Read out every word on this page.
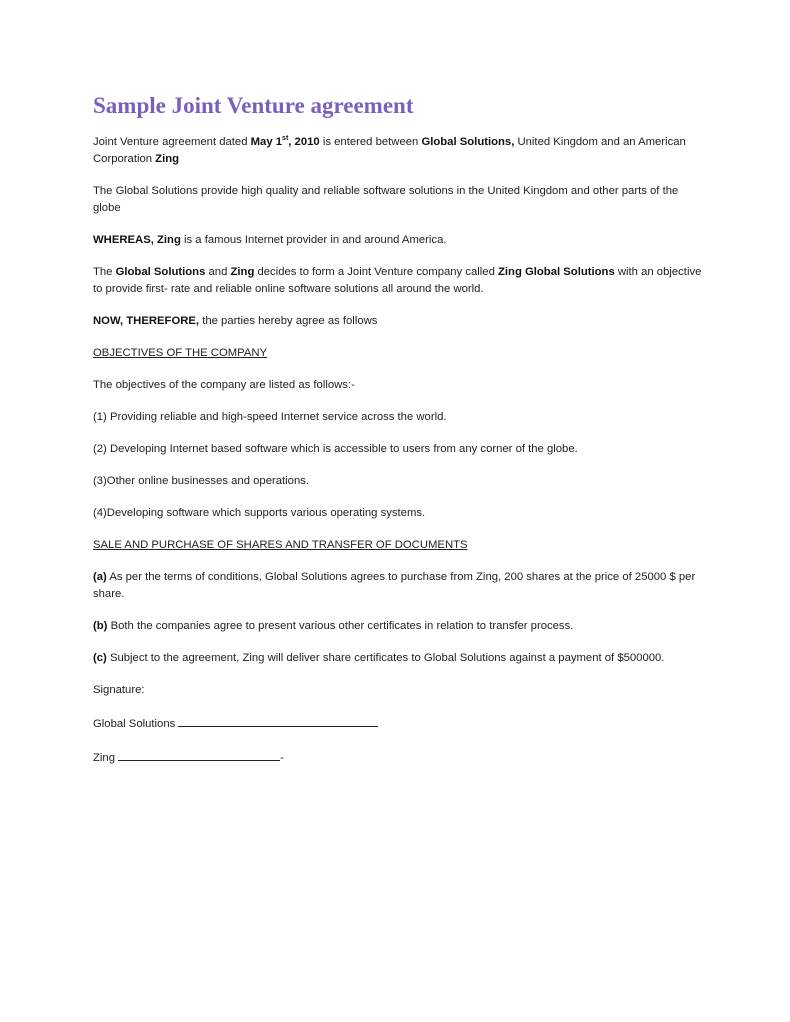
Sample Joint Venture agreement

Joint Venture agreement dated May 1st, 2010 is entered between Global Solutions, United Kingdom and an American Corporation Zing

The Global Solutions provide high quality and reliable software solutions in the United Kingdom and other parts of the globe

WHEREAS, Zing is a famous Internet provider in and around America.

The Global Solutions and Zing decides to form a Joint Venture company called Zing Global Solutions with an objective to provide first- rate and reliable online software solutions all around the world.

NOW, THEREFORE, the parties hereby agree as follows

OBJECTIVES OF THE COMPANY

The objectives of the company are listed as follows:-

(1) Providing reliable and high-speed Internet service across the world.

(2) Developing Internet based software which is accessible to users from any corner of the globe.

(3)Other online businesses and operations.

(4)Developing software which supports various operating systems.

SALE AND PURCHASE OF SHARES AND TRANSFER OF DOCUMENTS

(a) As per the terms of conditions, Global Solutions agrees to purchase from Zing, 200 shares at the price of 25000 $ per share.

(b) Both the companies agree to present various other certificates in relation to transfer process.

(c) Subject to the agreement, Zing will deliver share certificates to Global Solutions against a payment of $500000.

Signature:

Global Solutions

Zing	-
